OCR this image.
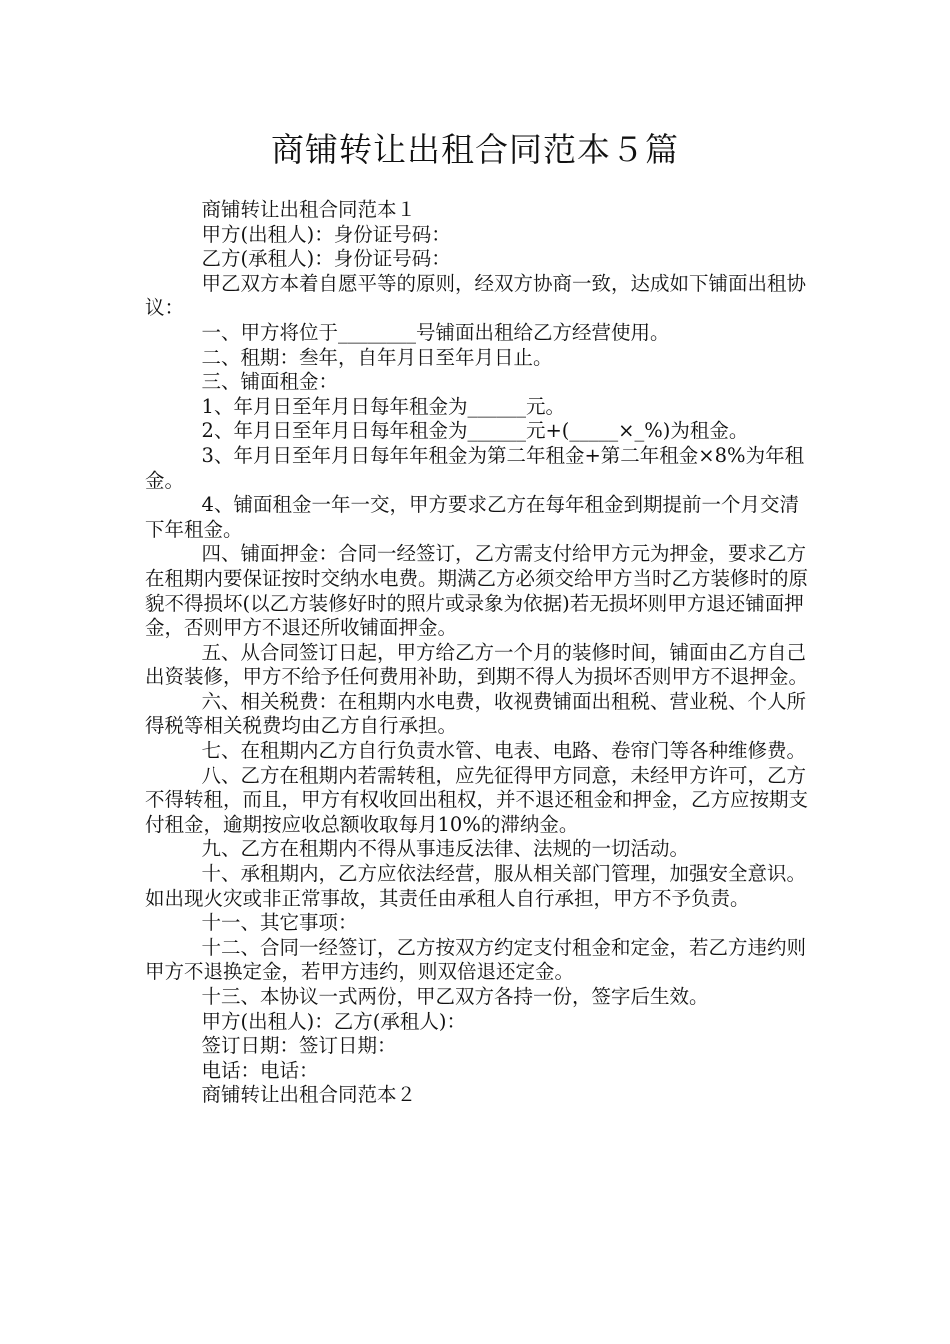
商铺转让出租合同范本５篇

商铺转让出租合同范本１

甲方(出租人)：身份证号码：

乙方(承租人)：身份证号码：

甲乙双方本着自愿平等的原则，经双方协商一致，达成如下铺面出租协议：

一、甲方将位于________号铺面出租给乙方经营使用。

二、租期：叁年，自年月日至年月日止。

三、铺面租金：

1、年月日至年月日每年租金为______元。

2、年月日至年月日每年租金为______元+(_____×_%)为租金。

3、年月日至年月日每年年租金为第二年租金+第二年租金×8%为年租金。

4、铺面租金一年一交，甲方要求乙方在每年租金到期提前一个月交清下年租金。

四、铺面押金：合同一经签订，乙方需支付给甲方元为押金，要求乙方在租期内要保证按时交纳水电费。期满乙方必须交给甲方当时乙方装修时的原貌不得损坏(以乙方装修好时的照片或录象为依据)若无损坏则甲方退还铺面押金，否则甲方不退还所收铺面押金。

五、从合同签订日起，甲方给乙方一个月的装修时间，铺面由乙方自己出资装修，甲方不给予任何费用补助，到期不得人为损坏否则甲方不退押金。

六、相关税费：在租期内水电费，收视费铺面出租税、营业税、个人所得税等相关税费均由乙方自行承担。

七、在租期内乙方自行负责水管、电表、电路、卷帘门等各种维修费。

八、乙方在租期内若需转租，应先征得甲方同意，未经甲方许可，乙方不得转租，而且，甲方有权收回出租权，并不退还租金和押金，乙方应按期支付租金，逾期按应收总额收取每月10%的滞纳金。

九、乙方在租期内不得从事违反法律、法规的一切活动。

十、承租期内，乙方应依法经营，服从相关部门管理，加强安全意识。如出现火灾或非正常事故，其责任由承租人自行承担，甲方不予负责。

十一、其它事项：

十二、合同一经签订，乙方按双方约定支付租金和定金，若乙方违约则甲方不退换定金，若甲方违约，则双倍退还定金。

十三、本协议一式两份，甲乙双方各持一份，签字后生效。

甲方(出租人)：乙方(承租人)：

签订日期：签订日期：

电话：电话：

商铺转让出租合同范本２
